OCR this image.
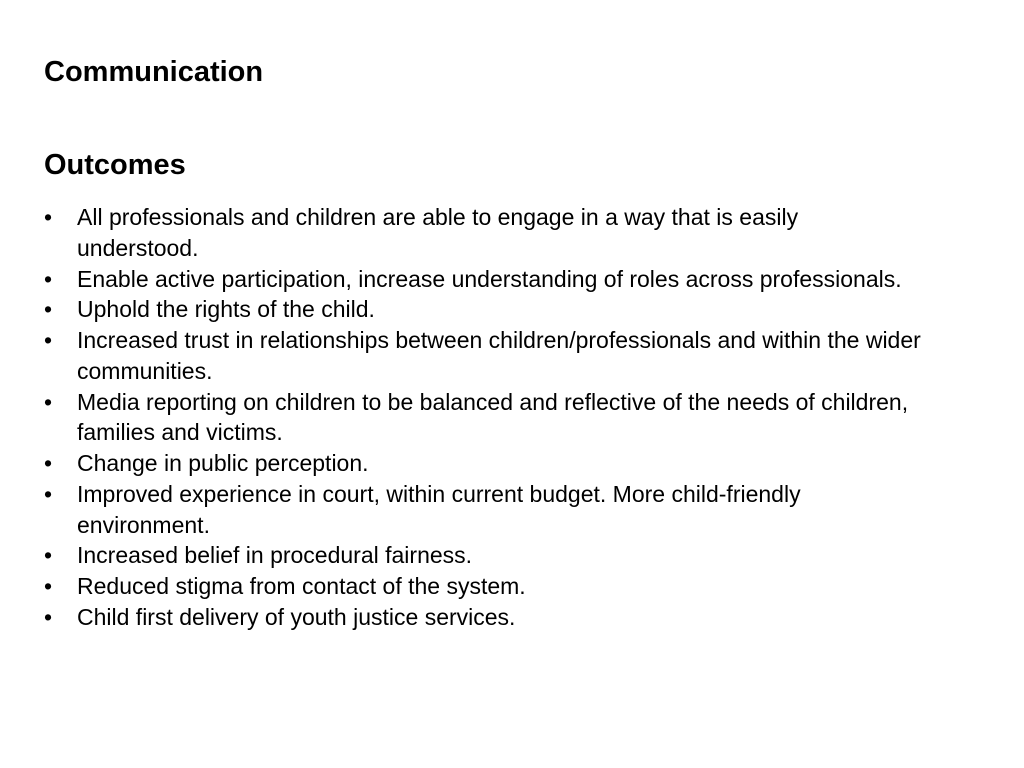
Communication
Outcomes
•	All professionals and children are able to engage in a way that is easily understood.
•	Enable active participation, increase understanding of roles across professionals.
•	Uphold the rights of the child.
•	Increased trust in relationships between children/professionals and within the wider communities.
•	Media reporting on children to be balanced and reflective of the needs of children, families and victims.
•	Change in public perception.
•	Improved experience in court, within current budget. More child-friendly environment.
•	Increased belief in procedural fairness.
•	Reduced stigma from contact of the system.
•	Child first delivery of youth justice services.
